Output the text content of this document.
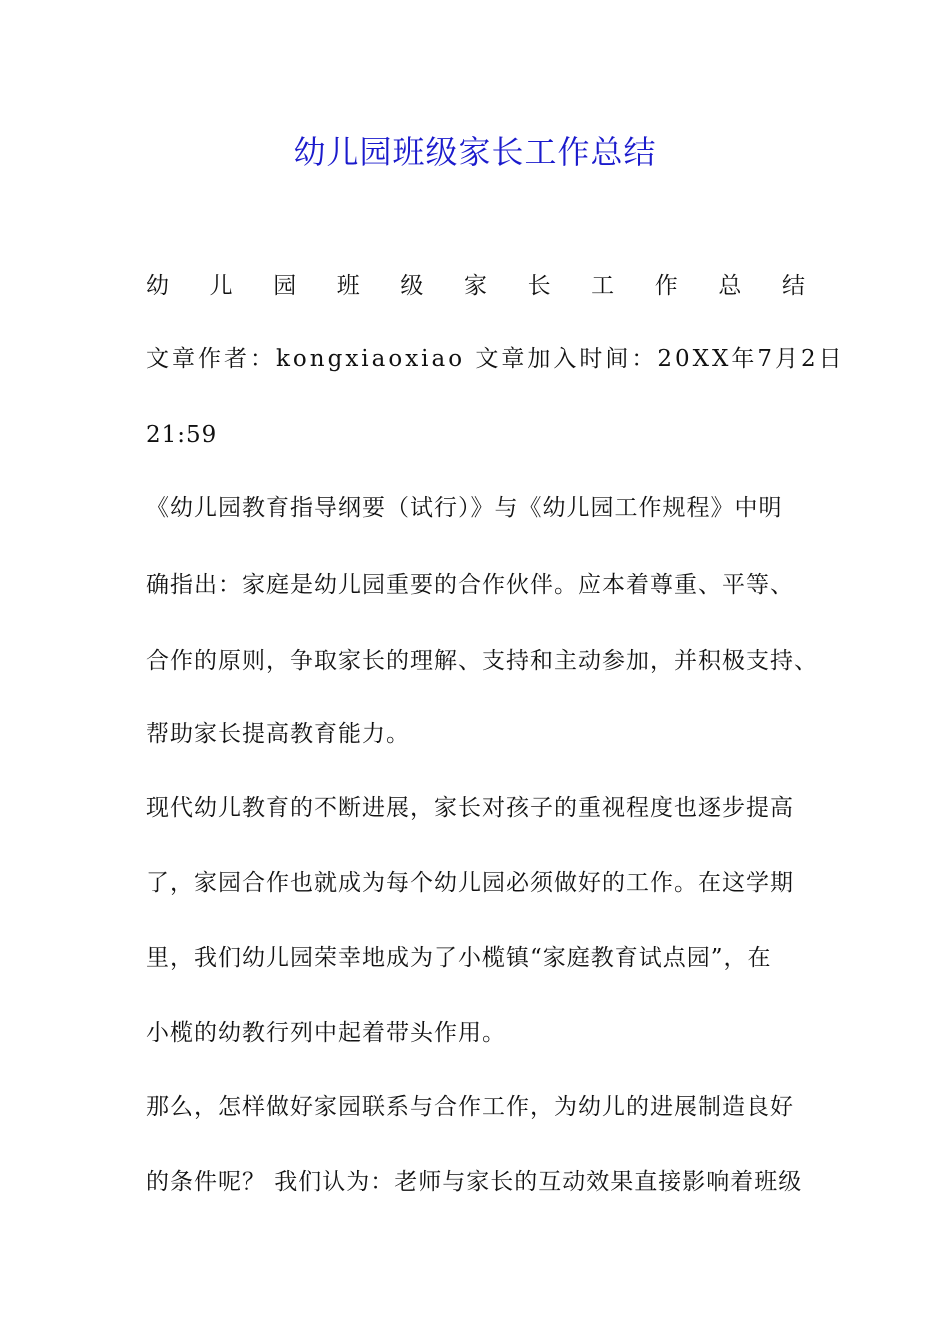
幼儿园班级家长工作总结
幼 儿 园 班 级 家 长 工 作 总 结
文章作者：kongxiaoxiao 文章加入时间：20XX年7月2日
21:59
《幼儿园教育指导纲要（试行）》与《幼儿园工作规程》中明
确指出：家庭是幼儿园重要的合作伙伴。应本着尊重、平等、
合作的原则，争取家长的理解、支持和主动参加，并积极支持、
帮助家长提高教育能力。
现代幼儿教育的不断进展，家长对孩子的重视程度也逐步提高
了，家园合作也就成为每个幼儿园必须做好的工作。在这学期
里，我们幼儿园荣幸地成为了小榄镇“家庭教育试点园”，在
小榄的幼教行列中起着带头作用。
那么，怎样做好家园联系与合作工作，为幼儿的进展制造良好
的条件呢？ 我们认为：老师与家长的互动效果直接影响着班级
